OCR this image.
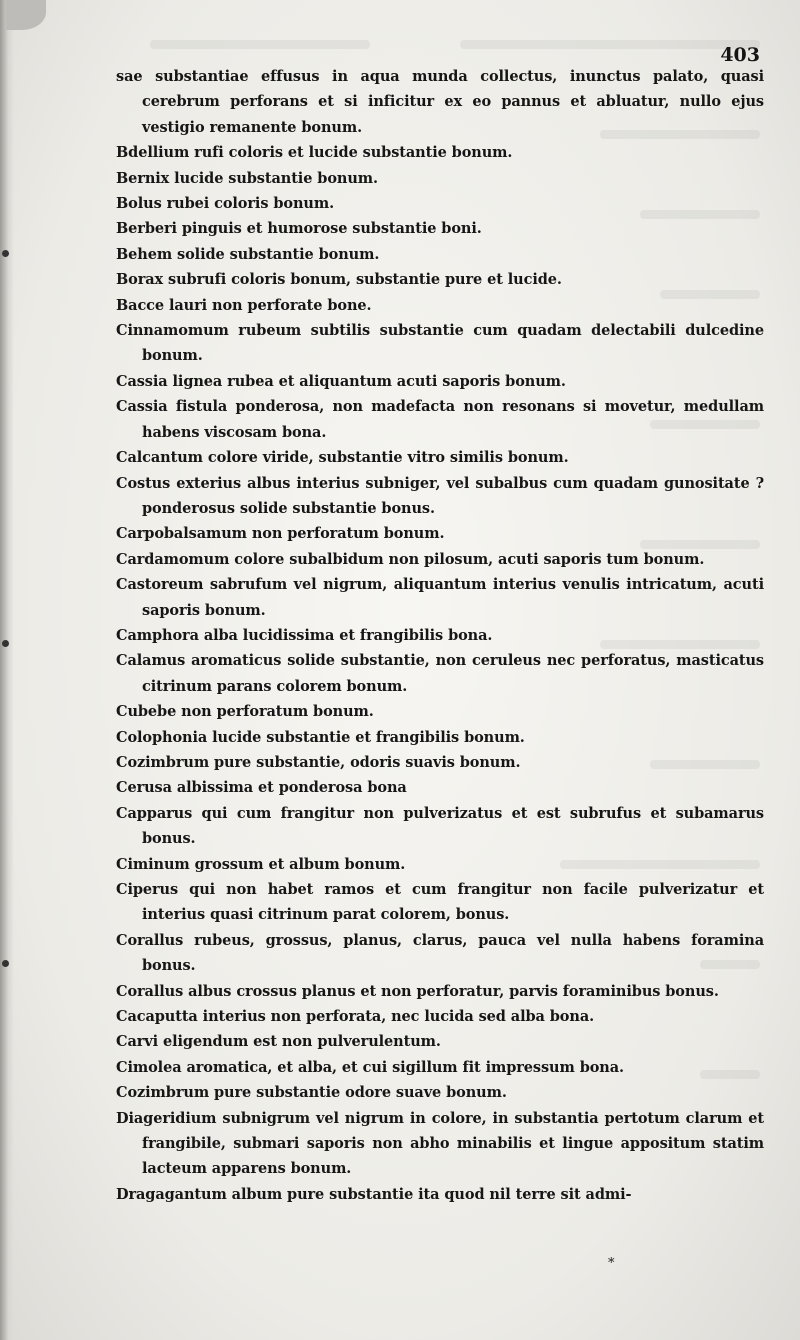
403
sae substantiae effusus in aqua munda collectus, inunctus palato, quasi cerebrum perforans et si inficitur ex eo pannus et abluatur, nullo ejus vestigio remanente bonum.
Bdellium rufi coloris et lucide substantie bonum.
Bernix lucide substantie bonum.
Bolus rubei coloris bonum.
Berberi pinguis et humorose substantie boni.
Behem solide substantie bonum.
Borax subrufi coloris bonum, substantie pure et lucide.
Bacce lauri non perforate bone.
Cinnamomum rubeum subtilis substantie cum quadam delectabili dulcedine bonum.
Cassia lignea rubea et aliquantum acuti saporis bonum.
Cassia fistula ponderosa, non madefacta non resonans si movetur, medullam habens viscosam bona.
Calcantum colore viride, substantie vitro similis bonum.
Costus exterius albus interius subniger, vel subalbus cum quadam gunositate ? ponderosus solide substantie bonus.
Carpobalsamum non perforatum bonum.
Cardamomum colore subalbidum non pilosum, acuti saporis tum bonum.
Castoreum sabrufum vel nigrum, aliquantum interius venulis intricatum, acuti saporis bonum.
Camphora alba lucidissima et frangibilis bona.
Calamus aromaticus solide substantie, non ceruleus nec perforatus, masticatus citrinum parans colorem bonum.
Cubebe non perforatum bonum.
Colophonia lucide substantie et frangibilis bonum.
Cozimbrum pure substantie, odoris suavis bonum.
Cerusa albissima et ponderosa bona
Capparus qui cum frangitur non pulverizatus et est subrufus et subamarus bonus.
Ciminum grossum et album bonum.
Ciperus qui non habet ramos et cum frangitur non facile pulverizatur et interius quasi citrinum parat colorem, bonus.
Corallus rubeus, grossus, planus, clarus, pauca vel nulla habens foramina bonus.
Corallus albus crossus planus et non perforatur, parvis foraminibus bonus.
Cacaputta interius non perforata, nec lucida sed alba bona.
Carvi eligendum est non pulverulentum.
Cimolea aromatica, et alba, et cui sigillum fit impressum bona.
Cozimbrum pure substantie odore suave bonum.
Diageridium subnigrum vel nigrum in colore, in substantia pertotum clarum et frangibile, submari saporis non abho minabilis et lingue appositum statim lacteum apparens bonum.
Dragagantum album pure substantie ita quod nil terre sit admi-
*
